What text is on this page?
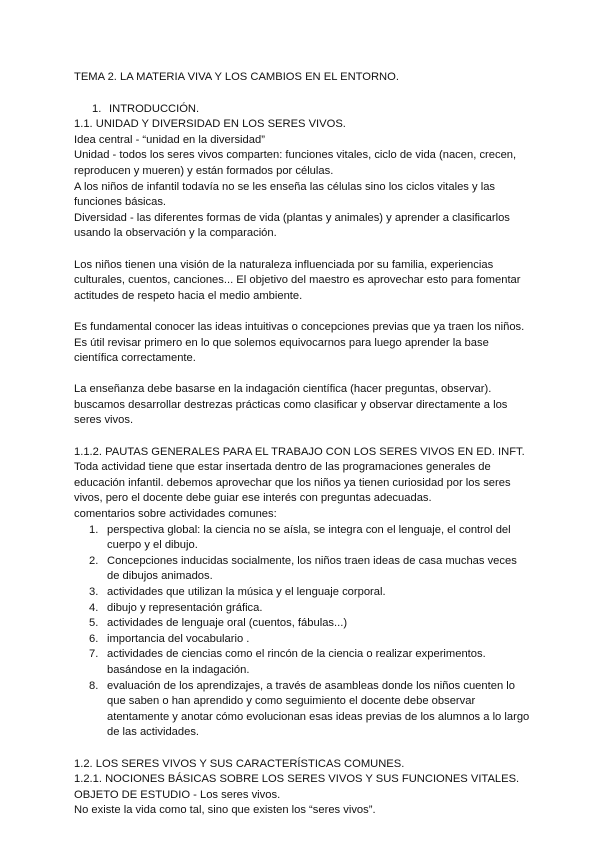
TEMA 2. LA MATERIA VIVA Y LOS CAMBIOS EN EL ENTORNO.

1. INTRODUCCIÓN.

1.1. UNIDAD Y DIVERSIDAD EN LOS SERES VIVOS.

Idea central - “unidad en la diversidad”

Unidad - todos los seres vivos comparten: funciones vitales, ciclo de vida (nacen, crecen, reproducen y mueren) y están formados por células.

A los niños de infantil todavía no se les enseña las células sino los ciclos vitales y las funciones básicas.

Diversidad - las diferentes formas de vida (plantas y animales) y aprender a clasificarlos usando la observación y la comparación.

Los niños tienen una visión de la naturaleza influenciada por su familia, experiencias culturales, cuentos, canciones... El objetivo del maestro es aprovechar esto para fomentar actitudes de respeto hacia el medio ambiente.

Es fundamental conocer las ideas intuitivas o concepciones previas que ya traen los niños. Es útil revisar primero en lo que solemos equivocarnos para luego aprender la base científica correctamente.

La enseñanza debe basarse en la indagación científica (hacer preguntas, observar).

buscamos desarrollar destrezas prácticas como clasificar y observar directamente a los seres vivos.

1.1.2. PAUTAS GENERALES PARA EL TRABAJO CON LOS SERES VIVOS EN ED. INFT.

Toda actividad tiene que estar insertada dentro de las programaciones generales de educación infantil. debemos aprovechar que los niños ya tienen curiosidad por los seres vivos, pero el docente debe guiar ese interés con preguntas adecuadas.

comentarios sobre actividades comunes:

1. perspectiva global: la ciencia no se aísla, se integra con el lenguaje, el control del cuerpo y el dibujo.
2. Concepciones inducidas socialmente, los niños traen ideas de casa muchas veces de dibujos animados.
3. actividades que utilizan la música y el lenguaje corporal.
4. dibujo y representación gráfica.
5. actividades de lenguaje oral (cuentos, fábulas...)
6. importancia del vocabulario .
7. actividades de ciencias como el rincón de la ciencia o realizar experimentos. basándose en la indagación.
8. evaluación de los aprendizajes, a través de asambleas donde los niños cuenten lo que saben o han aprendido y como seguimiento el docente debe observar atentamente y anotar cómo evolucionan esas ideas previas de los alumnos a lo largo de las actividades.

1.2. LOS SERES VIVOS Y SUS CARACTERÍSTICAS COMUNES.

1.2.1. NOCIONES BÁSICAS SOBRE LOS SERES VIVOS Y SUS FUNCIONES VITALES.

OBJETO DE ESTUDIO - Los seres vivos.

No existe la vida como tal, sino que existen los “seres vivos”.
